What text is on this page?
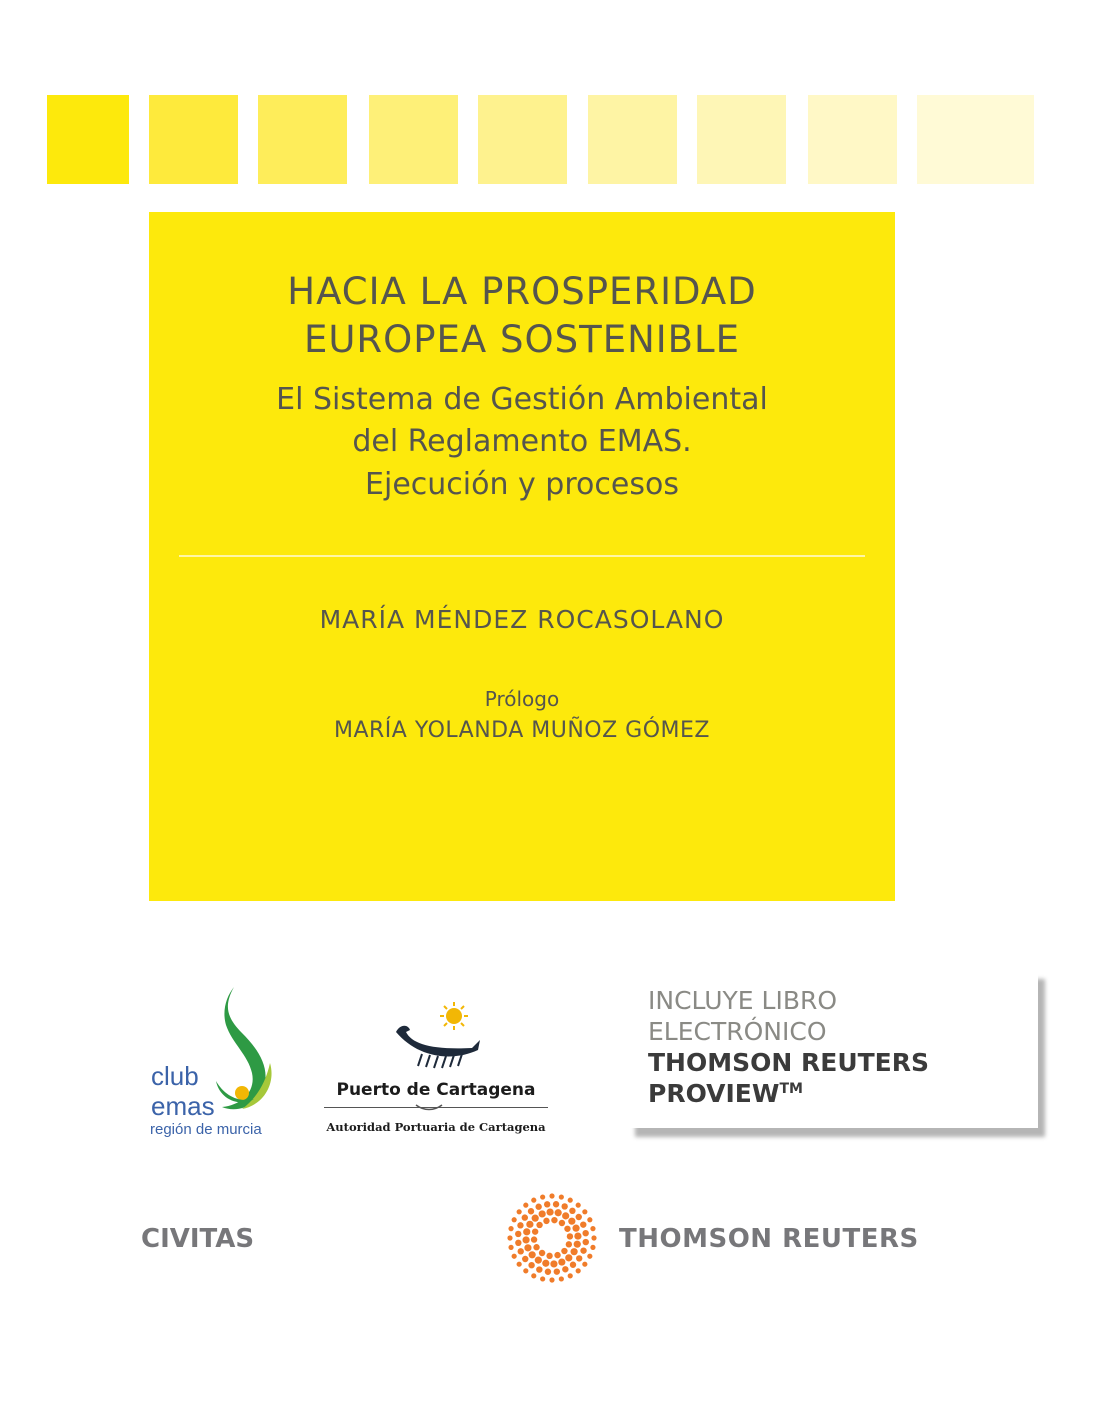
HACIA LA PROSPERIDAD
EUROPEA SOSTENIBLE
El Sistema de Gestión Ambiental
del Reglamento EMAS.
Ejecución y procesos
MARÍA MÉNDEZ ROCASOLANO
Prólogo
MARÍA YOLANDA MUÑOZ GÓMEZ
club
emas
región de murcia
Puerto de Cartagena
Autoridad Portuaria de Cartagena
INCLUYE LIBRO
ELECTRÓNICO
THOMSON REUTERS
PROVIEW™
CIVITAS	THOMSON REUTERS
